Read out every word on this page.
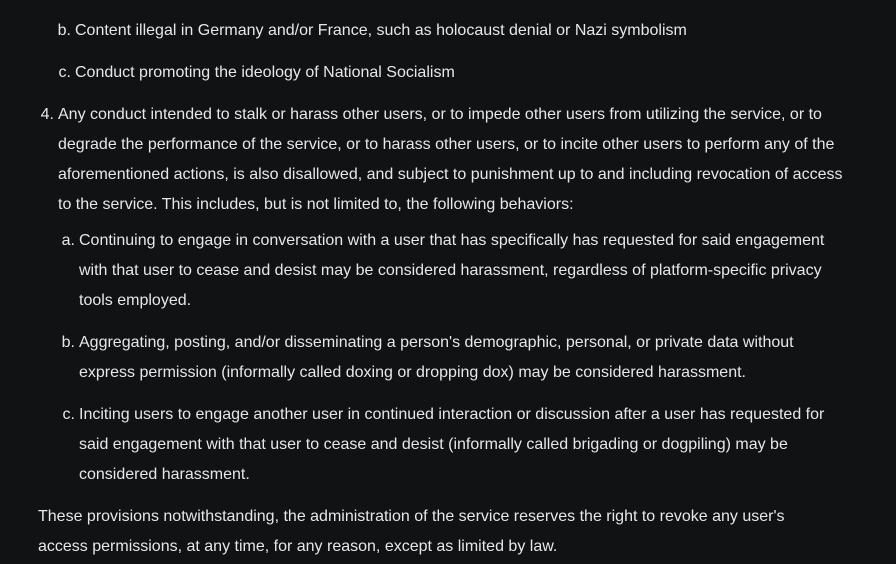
b. Content illegal in Germany and/or France, such as holocaust denial or Nazi symbolism
c. Conduct promoting the ideology of National Socialism
4. Any conduct intended to stalk or harass other users, or to impede other users from utilizing the service, or to degrade the performance of the service, or to harass other users, or to incite other users to perform any of the aforementioned actions, is also disallowed, and subject to punishment up to and including revocation of access to the service. This includes, but is not limited to, the following behaviors:
a. Continuing to engage in conversation with a user that has specifically has requested for said engagement with that user to cease and desist may be considered harassment, regardless of platform-specific privacy tools employed.
b. Aggregating, posting, and/or disseminating a person's demographic, personal, or private data without express permission (informally called doxing or dropping dox) may be considered harassment.
c. Inciting users to engage another user in continued interaction or discussion after a user has requested for said engagement with that user to cease and desist (informally called brigading or dogpiling) may be considered harassment.

These provisions notwithstanding, the administration of the service reserves the right to revoke any user's access permissions, at any time, for any reason, except as limited by law.
